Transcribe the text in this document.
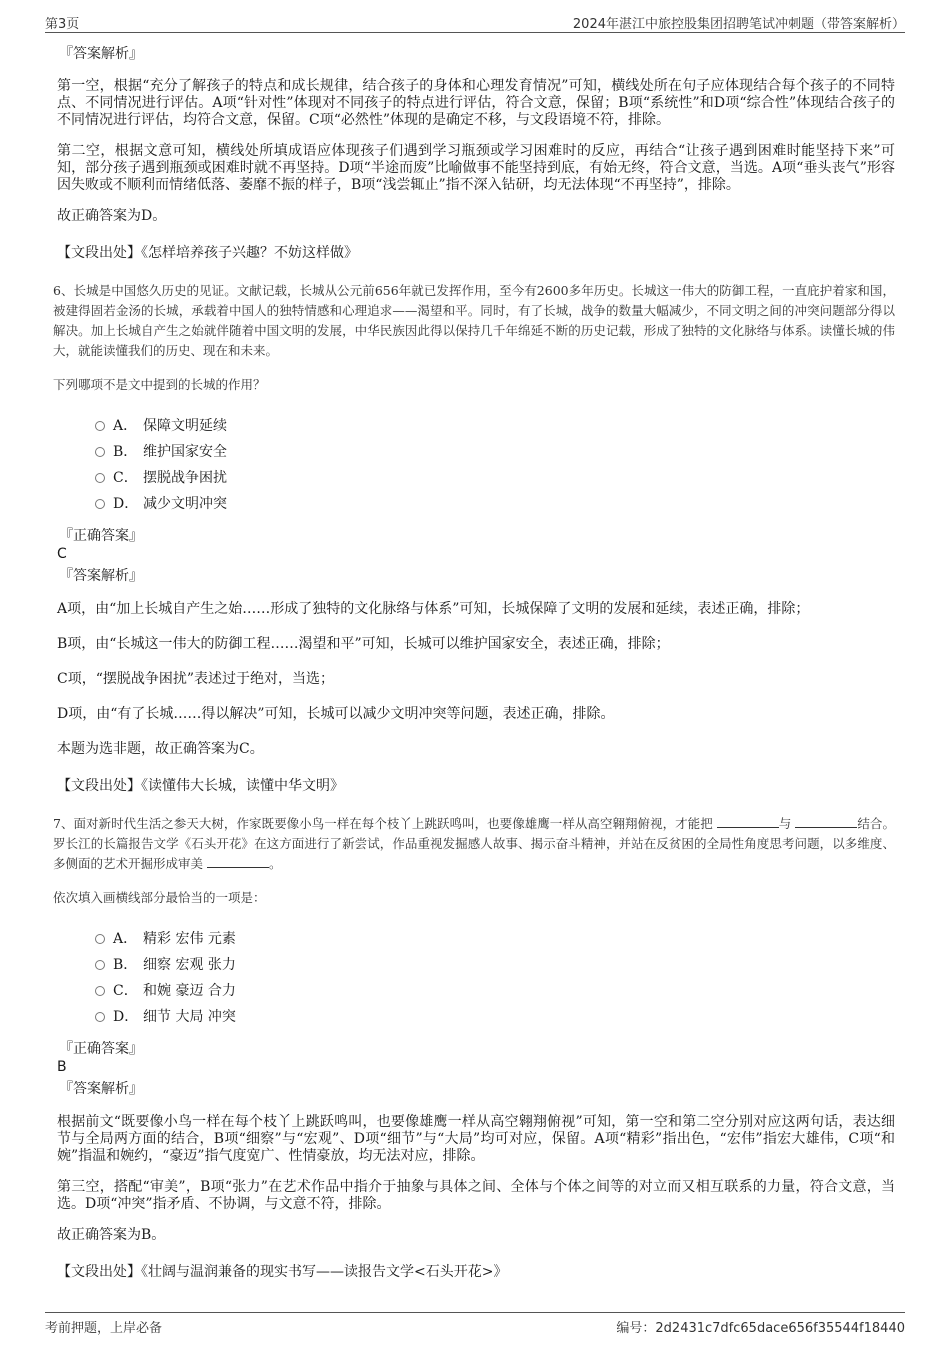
第3页	2024年湛江中旅控股集团招聘笔试冲刺题（带答案解析）
『答案解析』
第一空，根据“充分了解孩子的特点和成长规律，结合孩子的身体和心理发育情况”可知，横线处所在句子应体现结合每个孩子的不同特点、不同情况进行评估。A项“针对性”体现对不同孩子的特点进行评估，符合文意，保留；B项“系统性”和D项“综合性”体现结合孩子的不同情况进行评估，均符合文意，保留。C项“必然性”体现的是确定不移，与文段语境不符，排除。
第二空，根据文意可知，横线处所填成语应体现孩子们遇到学习瓶颈或学习困难时的反应，再结合“让孩子遇到困难时能坚持下来”可知，部分孩子遇到瓶颈或困难时就不再坚持。D项“半途而废”比喻做事不能坚持到底，有始无终，符合文意，当选。A项“垂头丧气”形容因失败或不顺利而情绪低落、萎靡不振的样子，B项“浅尝辄止”指不深入钻研，均无法体现“不再坚持”，排除。
故正确答案为D。
【文段出处】《怎样培养孩子兴趣？不妨这样做》
6、长城是中国悠久历史的见证。文献记载，长城从公元前656年就已发挥作用，至今有2600多年历史。长城这一伟大的防御工程，一直庇护着家和国，被建得固若金汤的长城，承载着中国人的独特情感和心理追求——渴望和平。同时，有了长城，战争的数量大幅减少，不同文明之间的冲突问题部分得以解决。加上长城自产生之始就伴随着中国文明的发展，中华民族因此得以保持几千年绵延不断的历史记载，形成了独特的文化脉络与体系。读懂长城的伟大，就能读懂我们的历史、现在和未来。
下列哪项不是文中提到的长城的作用？
A． 保障文明延续
B． 维护国家安全
C． 摆脱战争困扰
D． 减少文明冲突
『正确答案』
C
『答案解析』
A项，由“加上长城自产生之始……形成了独特的文化脉络与体系”可知，长城保障了文明的发展和延续，表述正确，排除；
B项，由“长城这一伟大的防御工程……渴望和平”可知，长城可以维护国家安全，表述正确，排除；
C项，“摆脱战争困扰”表述过于绝对，当选；
D项，由“有了长城……得以解决”可知，长城可以减少文明冲突等问题，表述正确，排除。
本题为选非题，故正确答案为C。
【文段出处】《读懂伟大长城，读懂中华文明》
7、面对新时代生活之参天大树，作家既要像小鸟一样在每个枝丫上跳跃鸣叫，也要像雄鹰一样从高空翱翔俯视，才能把	与	结合。罗长江的长篇报告文学《石头开花》在这方面进行了新尝试，作品重视发掘感人故事、揭示奋斗精神，并站在反贫困的全局性角度思考问题，以多维度、多侧面的艺术开掘形成审美	。
依次填入画横线部分最恰当的一项是：
A． 精彩 宏伟 元素
B． 细察 宏观 张力
C． 和婉 豪迈 合力
D． 细节 大局 冲突
『正确答案』
B
『答案解析』
根据前文“既要像小鸟一样在每个枝丫上跳跃鸣叫，也要像雄鹰一样从高空翱翔俯视”可知，第一空和第二空分别对应这两句话，表达细节与全局两方面的结合，B项“细察”与“宏观”、D项“细节”与“大局”均可对应，保留。A项“精彩”指出色，“宏伟”指宏大雄伟，C项“和婉”指温和婉约，“豪迈”指气度宽广、性情豪放，均无法对应，排除。
第三空，搭配“审美”，B项“张力”在艺术作品中指介于抽象与具体之间、全体与个体之间等的对立而又相互联系的力量，符合文意，当选。D项“冲突”指矛盾、不协调，与文意不符，排除。
故正确答案为B。
【文段出处】《壮阔与温润兼备的现实书写——读报告文学<石头开花>》
考前押题，上岸必备	编号：2d2431c7dfc65dace656f35544f18440
